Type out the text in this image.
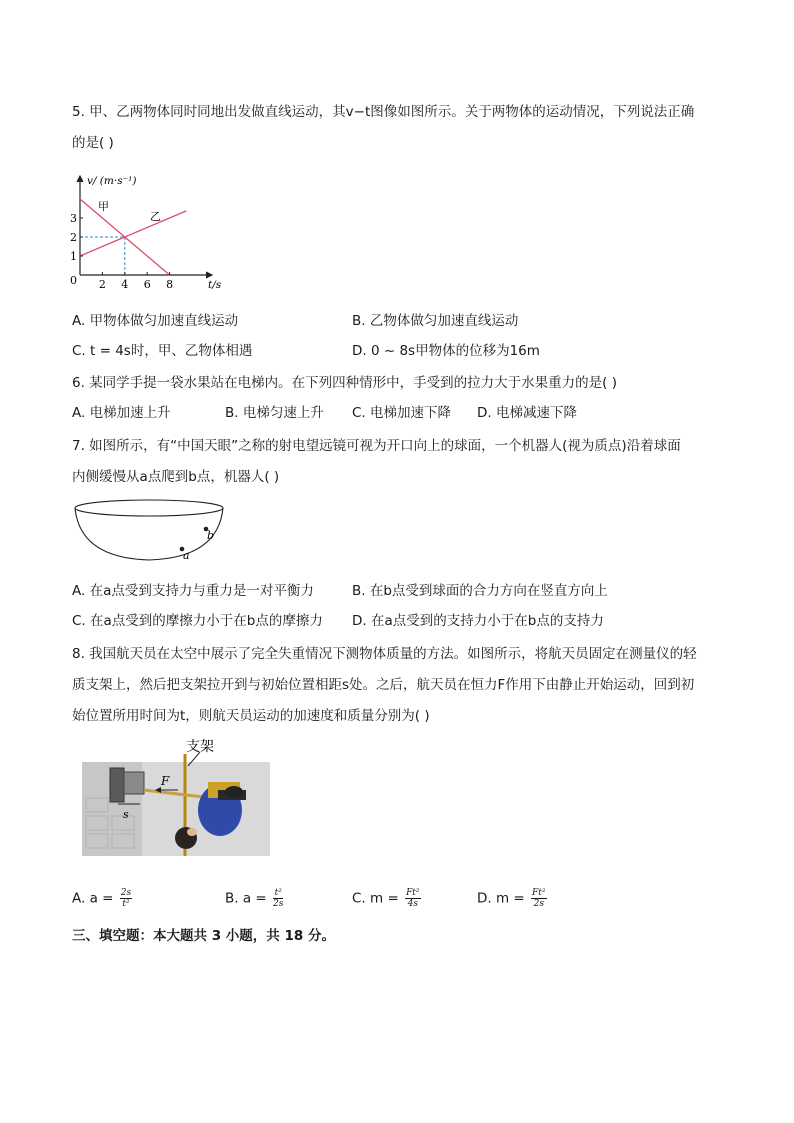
5. 甲、乙两物体同时同地出发做直线运动，其v−t图像如图所示。关于两物体的运动情况，下列说法正确
的是( )
2 4 6 8
1
2
3
v/ (m·s⁻¹)
t/s
0
甲
乙
A. 甲物体做匀加速直线运动	B. 乙物体做匀加速直线运动
C. t = 4s时，甲、乙物体相遇	D. 0 ~ 8s甲物体的位移为16m
6. 某同学手提一袋水果站在电梯内。在下列四种情形中，手受到的拉力大于水果重力的是( )
A. 电梯加速上升	B. 电梯匀速上升 C. 电梯加速下降 D. 电梯减速下降
7. 如图所示，有“中国天眼”之称的射电望远镜可视为开口向上的球面，一个机器人(视为质点)沿着球面
内侧缓慢从a点爬到b点，机器人( )
a
b
A. 在a点受到支持力与重力是一对平衡力	B. 在b点受到球面的合力方向在竖直方向上
C. 在a点受到的摩擦力小于在b点的摩擦力 D. 在a点受到的支持力小于在b点的支持力
8. 我国航天员在太空中展示了完全失重情况下测物体质量的方法。如图所示，将航天员固定在测量仪的轻
质支架上，然后把支架拉开到与初始位置相距s处。之后，航天员在恒力F作用下由静止开始运动，回到初
始位置所用时间为t，则航天员运动的加速度和质量分别为( )
支架
F
s
A. $a = \frac{2s}{\text{t²}}$	B. $a = \frac{\text{t²}}{2s}$	C. $m = \frac{\text{Ft²}}{4s}$	D. $m = \frac{\text{Ft²}}{2s}$
三、填空题：本大题共 3 小题，共 18 分。
